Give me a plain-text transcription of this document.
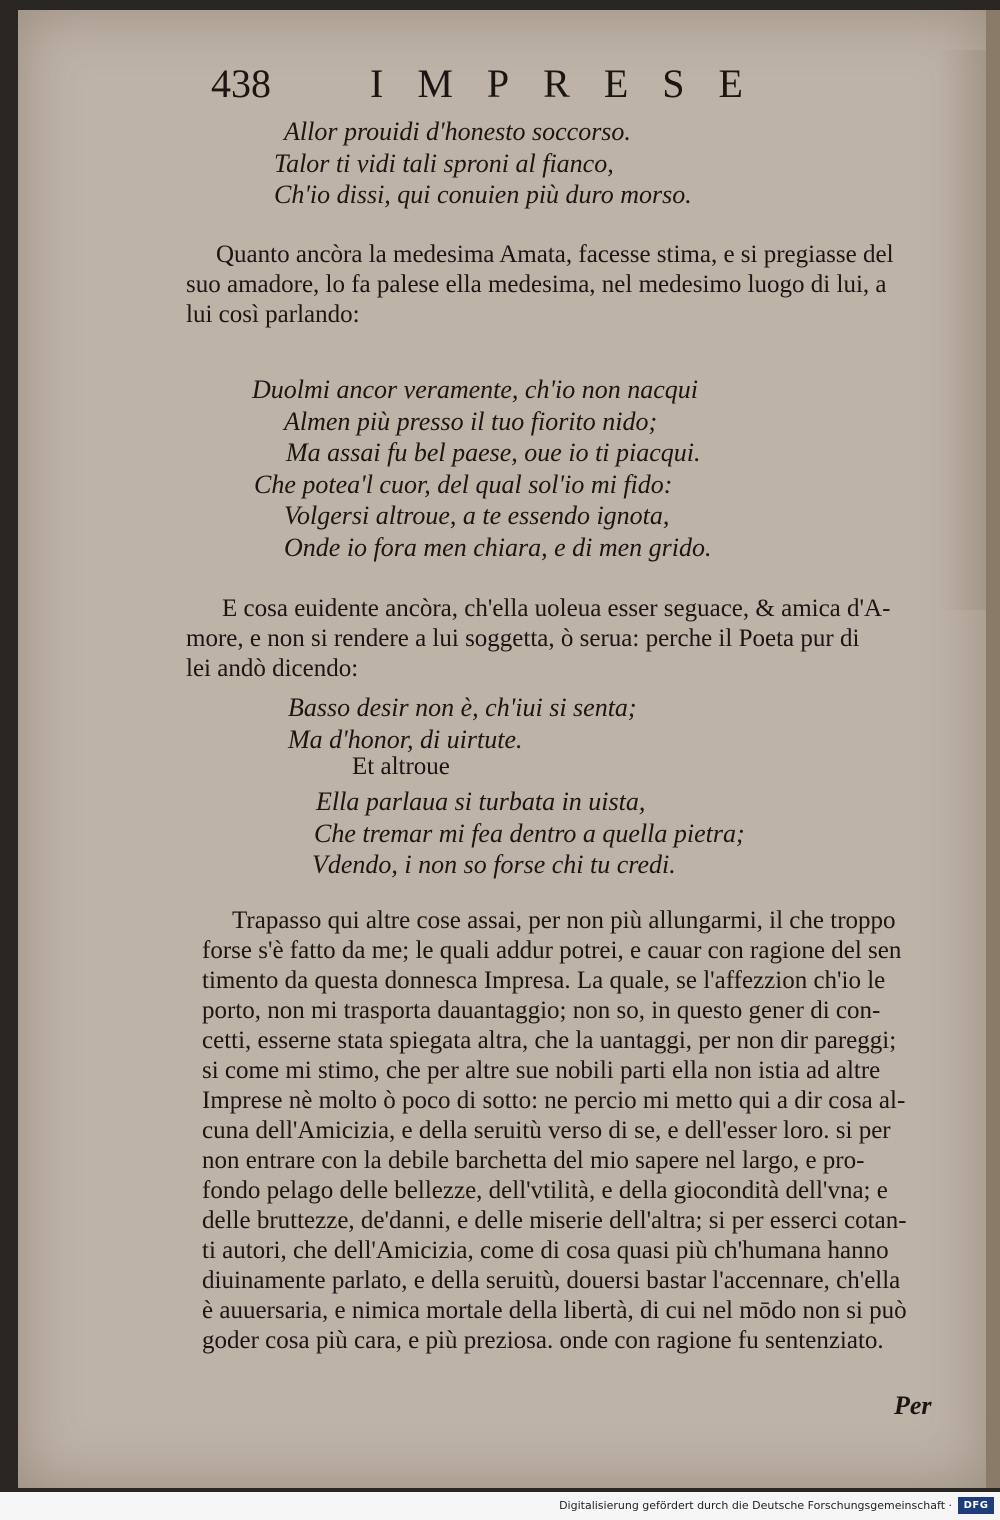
438 IMPRESE
Allor prouidi d'honesto soccorso.
Talor ti vidi tali sproni al fianco,
Ch'io dissi, qui conuien più duro morso.
Quanto ancòra la medesima Amata, facesse stima, e si pregiasse del
suo amadore, lo fa palese ella medesima, nel medesimo luogo di lui, a
lui così parlando:
Duolmi ancor veramente, ch'io non nacqui
Almen più presso il tuo fiorito nido;
Ma assai fu bel paese, oue io ti piacqui.
Che potea'l cuor, del qual sol'io mi fido:
Volgersi altroue, a te essendo ignota,
Onde io fora men chiara, e di men grido.
E cosa euidente ancòra, ch'ella uoleua esser seguace, & amica d'A-
more, e non si rendere a lui soggetta, ò serua: perche il Poeta pur di
lei andò dicendo:
Basso desir non è, ch'iui si senta;
Ma d'honor, di uirtute.
Et altroue
Ella parlaua si turbata in uista,
Che tremar mi fea dentro a quella pietra;
Vdendo, i non so forse chi tu credi.
Trapasso qui altre cose assai, per non più allungarmi, il che troppo
forse s'è fatto da me; le quali addur potrei, e cauar con ragione del sen
timento da questa donnesca Impresa. La quale, se l'affezzion ch'io le
porto, non mi trasporta dauantaggio; non so, in questo gener di con-
cetti, esserne stata spiegata altra, che la uantaggi, per non dir pareggi;
si come mi stimo, che per altre sue nobili parti ella non istia ad altre
Imprese nè molto ò poco di sotto: ne percio mi metto qui a dir cosa al-
cuna dell'Amicizia, e della seruitù verso di se, e dell'esser loro. si per
non entrare con la debile barchetta del mio sapere nel largo, e pro-
fondo pelago delle bellezze, dell'vtilità, e della giocondità dell'vna; e
delle bruttezze, de'danni, e delle miserie dell'altra; si per esserci cotan-
ti autori, che dell'Amicizia, come di cosa quasi più ch'humana hanno
diuinamente parlato, e della seruitù, douersi bastar l'accennare, ch'ella
è auuersaria, e nimica mortale della libertà, di cui nel mōdo non si può
goder cosa più cara, e più preziosa. onde con ragione fu sentenziato.
Per
Digitalisierung gefördert durch die Deutsche Forschungsgemeinschaft ·	DFG
